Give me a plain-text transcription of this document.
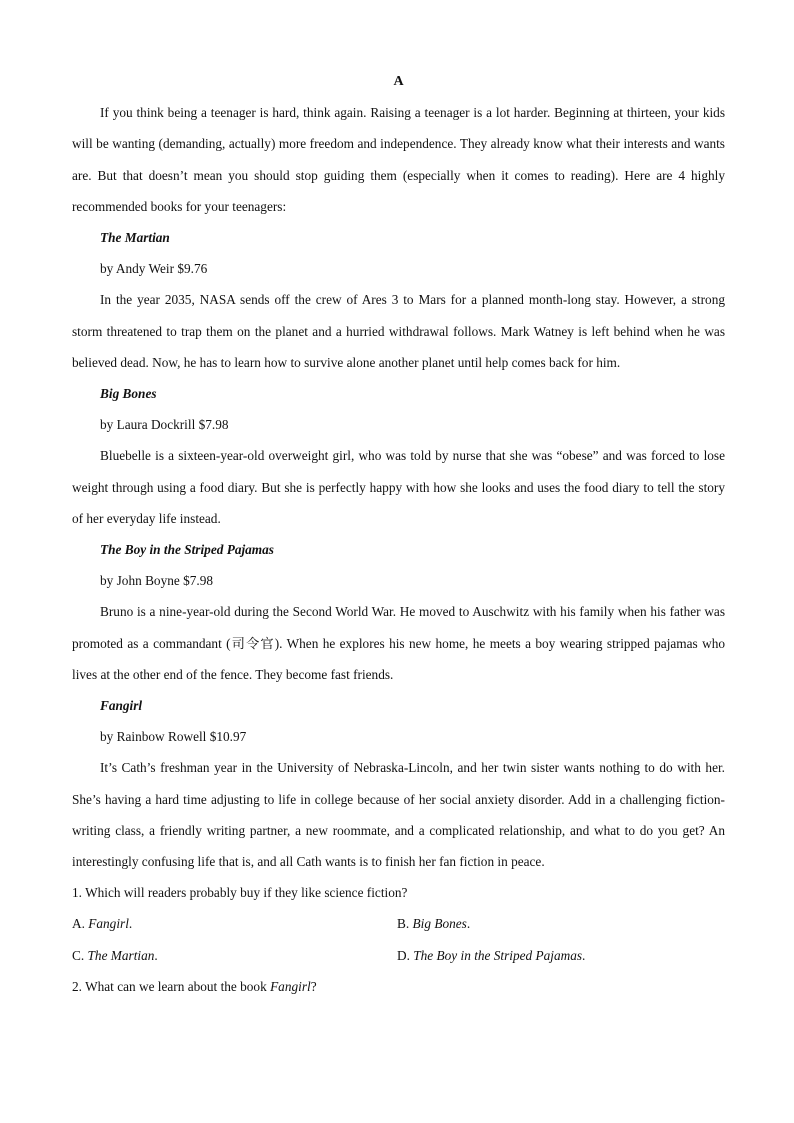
A

If you think being a teenager is hard, think again. Raising a teenager is a lot harder. Beginning at thirteen, your kids will be wanting (demanding, actually) more freedom and independence. They already know what their interests and wants are. But that doesn’t mean you should stop guiding them (especially when it comes to reading). Here are 4 highly recommended books for your teenagers:

The Martian

by Andy Weir $9.76

In the year 2035, NASA sends off the crew of Ares 3 to Mars for a planned month-long stay. However, a strong storm threatened to trap them on the planet and a hurried withdrawal follows. Mark Watney is left behind when he was believed dead. Now, he has to learn how to survive alone another planet until help comes back for him.

Big Bones

by Laura Dockrill $7.98

Bluebelle is a sixteen-year-old overweight girl, who was told by nurse that she was “obese” and was forced to lose weight through using a food diary. But she is perfectly happy with how she looks and uses the food diary to tell the story of her everyday life instead.

The Boy in the Striped Pajamas

by John Boyne $7.98

Bruno is a nine-year-old during the Second World War. He moved to Auschwitz with his family when his father was promoted as a commandant (司令官). When he explores his new home, he meets a boy wearing stripped pajamas who lives at the other end of the fence. They become fast friends.

Fangirl

by Rainbow Rowell $10.97

It’s Cath’s freshman year in the University of Nebraska-Lincoln, and her twin sister wants nothing to do with her. She’s having a hard time adjusting to life in college because of her social anxiety disorder. Add in a challenging fiction-writing class, a friendly writing partner, a new roommate, and a complicated relationship, and what to do you get? An interestingly confusing life that is, and all Cath wants is to finish her fan fiction in peace.

1. Which will readers probably buy if they like science fiction?

A. Fangirl.	B. Big Bones.
C. The Martian.	D. The Boy in the Striped Pajamas.

2. What can we learn about the book Fangirl?
